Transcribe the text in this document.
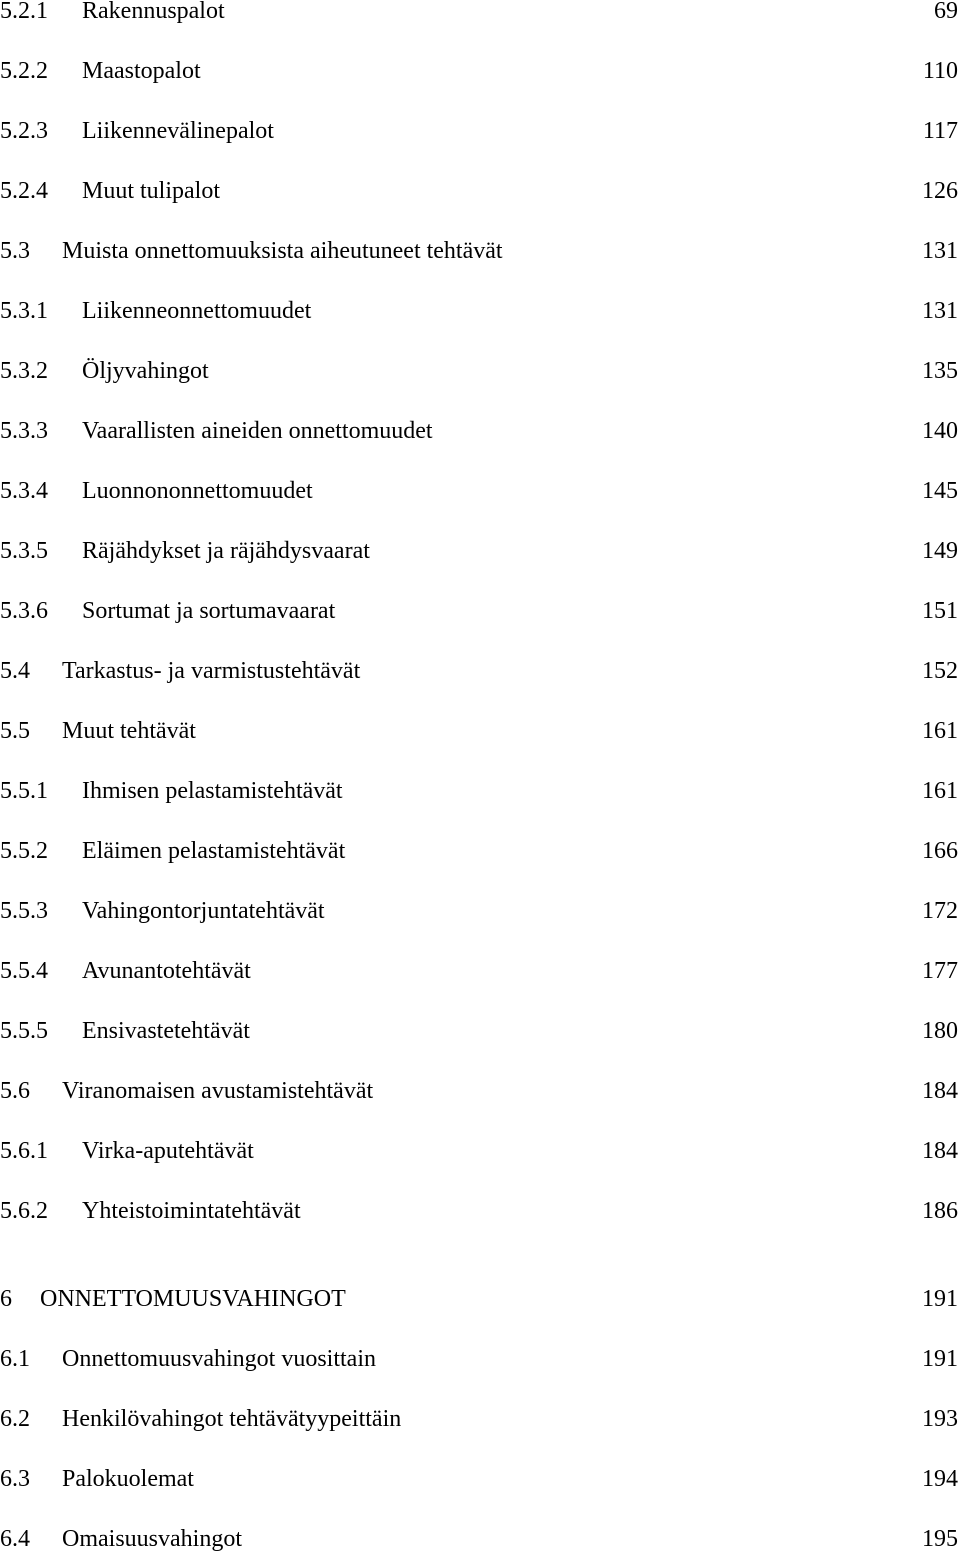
5.2.1 Rakennuspalot	69
5.2.2 Maastopalot	110
5.2.3 Liikennevälinepalot	117
5.2.4 Muut tulipalot	126
5.3 Muista onnettomuuksista aiheutuneet tehtävät	131
5.3.1 Liikenneonnettomuudet	131
5.3.2 Öljyvahingot	135
5.3.3 Vaarallisten aineiden onnettomuudet	140
5.3.4 Luonnononnettomuudet	145
5.3.5 Räjähdykset ja räjähdysvaarat	149
5.3.6 Sortumat ja sortumavaarat	151
5.4 Tarkastus- ja varmistustehtävät	152
5.5 Muut tehtävät	161
5.5.1 Ihmisen pelastamistehtävät	161
5.5.2 Eläimen pelastamistehtävät	166
5.5.3 Vahingontorjuntatehtävät	172
5.5.4 Avunantotehtävät	177
5.5.5 Ensivastetehtävät	180
5.6 Viranomaisen avustamistehtävät	184
5.6.1 Virka-aputehtävät	184
5.6.2 Yhteistoimintatehtävät	186
6 ONNETTOMUUSVAHINGOT	191
6.1 Onnettomuusvahingot vuosittain	191
6.2 Henkilövahingot tehtävätyypeittäin	193
6.3 Palokuolemat	194
6.4 Omaisuusvahingot	195
